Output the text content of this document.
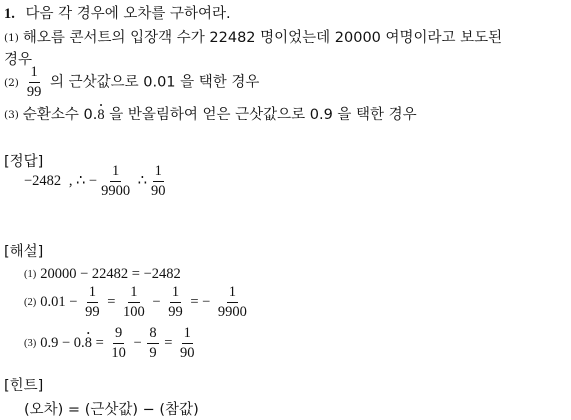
1. 다음 각 경우에 오차를 구하여라.
(1) 해오름 콘서트의 입장객 수가 22482 명이었는데 20000 여명이라고 보도된
경우
$(2) \frac{1}{99}$ 의 근삿값으로 0.01 을 택한 경우
(3) 순환소수 0.8 • 을 반올림하여 얻은 근삿값으로 0.9 을 택한 경우
[정답]
−2482 , ∴ − $\frac{1}{9900}$ ∴ $\frac{1}{90}$
[해설]
(1) 20000 − 22482 = −2482
(2) $0.01 - \frac{1}{99} = \frac{1}{100} - \frac{1}{99}$ = − $\frac{1}{9900}$
(3) 0.9 − 0.8 • = $\frac{9}{10} - \frac{8}{9} = \frac{1}{90}$
[힌트]
(오차) = (근삿값) − (참값)
